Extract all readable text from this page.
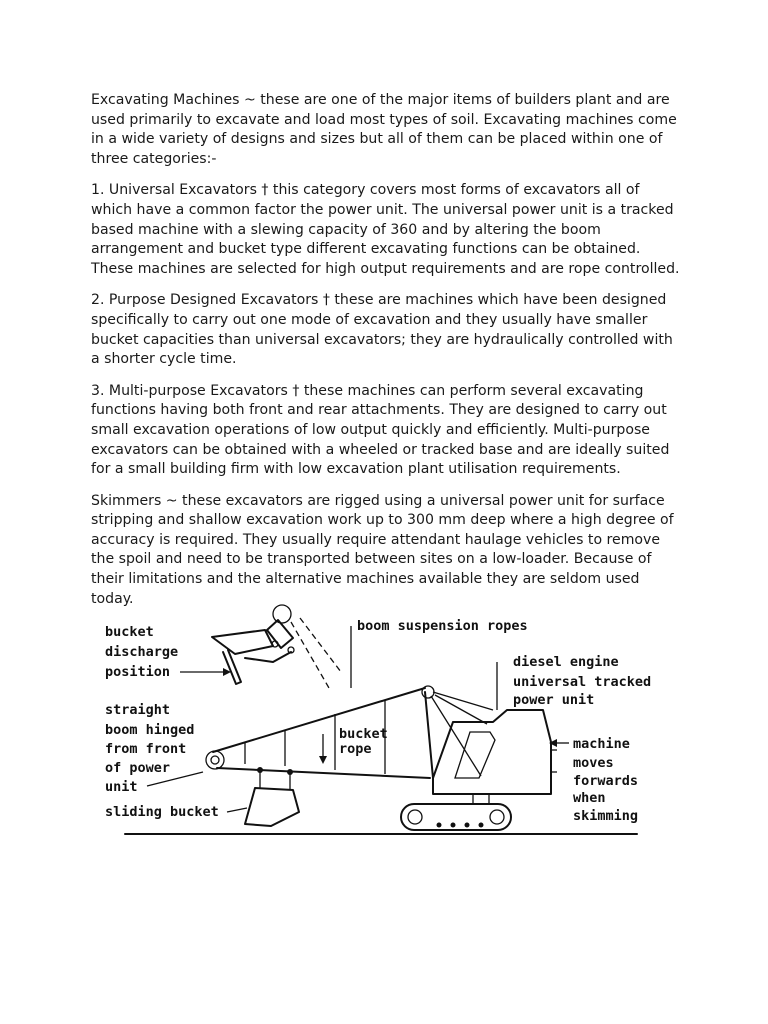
Excavating Machines ~ these are one of the major items of builders plant and are used primarily to excavate and load most types of soil. Excavating machines come in a wide variety of designs and sizes but all of them can be placed within one of three categories:-

1. Universal Excavators † this category covers most forms of excavators all of which have a common factor the power unit. The universal power unit is a tracked based machine with a slewing capacity of 360 and by altering the boom arrangement and bucket type different excavating functions can be obtained. These machines are selected for high output requirements and are rope controlled.

2. Purpose Designed Excavators † these are machines which have been designed specifically to carry out one mode of excavation and they usually have smaller bucket capacities than universal excavators; they are hydraulically controlled with a shorter cycle time.

3. Multi-purpose Excavators † these machines can perform several excavating functions having both front and rear attachments. They are designed to carry out small excavation operations of low output quickly and efficiently. Multi-purpose excavators can be obtained with a wheeled or tracked base and are ideally suited for a small building firm with low excavation plant utilisation requirements.

Skimmers ~ these excavators are rigged using a universal power unit for surface stripping and shallow excavation work up to 300 mm deep where a high degree of accuracy is required. They usually require attendant haulage vehicles to remove the spoil and need to be transported between sites on a low-loader. Because of their limitations and the alternative machines available they are seldom used today.

bucket discharge position
boom suspension ropes
diesel engine universal tracked power unit
straight boom hinged from front of power unit
bucket rope	machine moves forwards when skimming
sliding bucket
